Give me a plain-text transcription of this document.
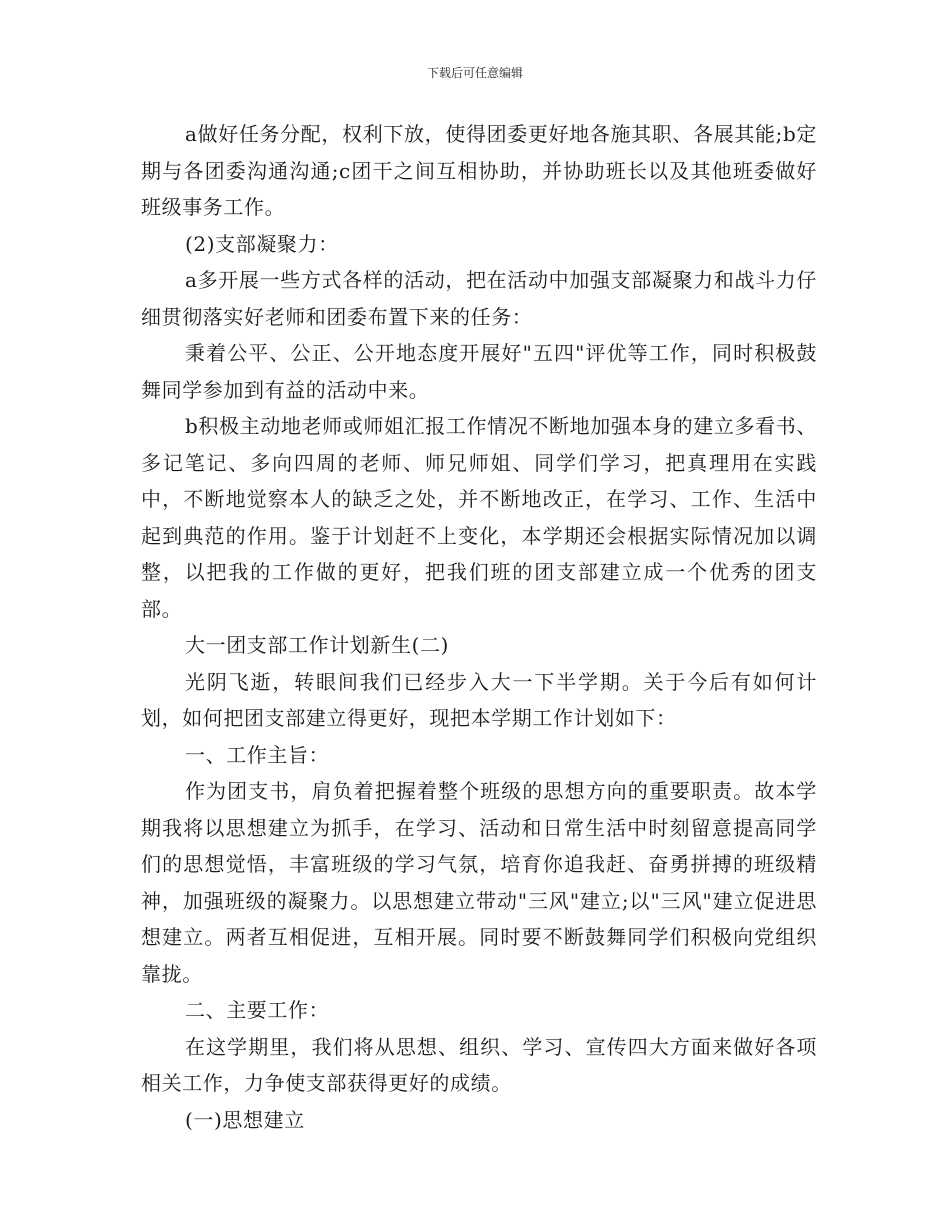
下载后可任意编辑

a做好任务分配，权利下放，使得团委更好地各施其职、各展其能;b定期与各团委沟通沟通;c团干之间互相协助，并协助班长以及其他班委做好班级事务工作。

(2)支部凝聚力：

a多开展一些方式各样的活动，把在活动中加强支部凝聚力和战斗力仔细贯彻落实好老师和团委布置下来的任务：

秉着公平、公正、公开地态度开展好"五四"评优等工作，同时积极鼓舞同学参加到有益的活动中来。

b积极主动地老师或师姐汇报工作情况不断地加强本身的建立多看书、多记笔记、多向四周的老师、师兄师姐、同学们学习，把真理用在实践中，不断地觉察本人的缺乏之处，并不断地改正，在学习、工作、生活中起到典范的作用。鉴于计划赶不上变化，本学期还会根据实际情况加以调整，以把我的工作做的更好，把我们班的团支部建立成一个优秀的团支部。

大一团支部工作计划新生(二)

光阴飞逝，转眼间我们已经步入大一下半学期。关于今后有如何计划，如何把团支部建立得更好，现把本学期工作计划如下：

一、工作主旨：

作为团支书，肩负着把握着整个班级的思想方向的重要职责。故本学期我将以思想建立为抓手，在学习、活动和日常生活中时刻留意提高同学们的思想觉悟，丰富班级的学习气氛，培育你追我赶、奋勇拼搏的班级精神，加强班级的凝聚力。以思想建立带动"三风"建立;以"三风"建立促进思想建立。两者互相促进，互相开展。同时要不断鼓舞同学们积极向党组织靠拢。

二、主要工作：

在这学期里，我们将从思想、组织、学习、宣传四大方面来做好各项相关工作，力争使支部获得更好的成绩。

(一)思想建立
